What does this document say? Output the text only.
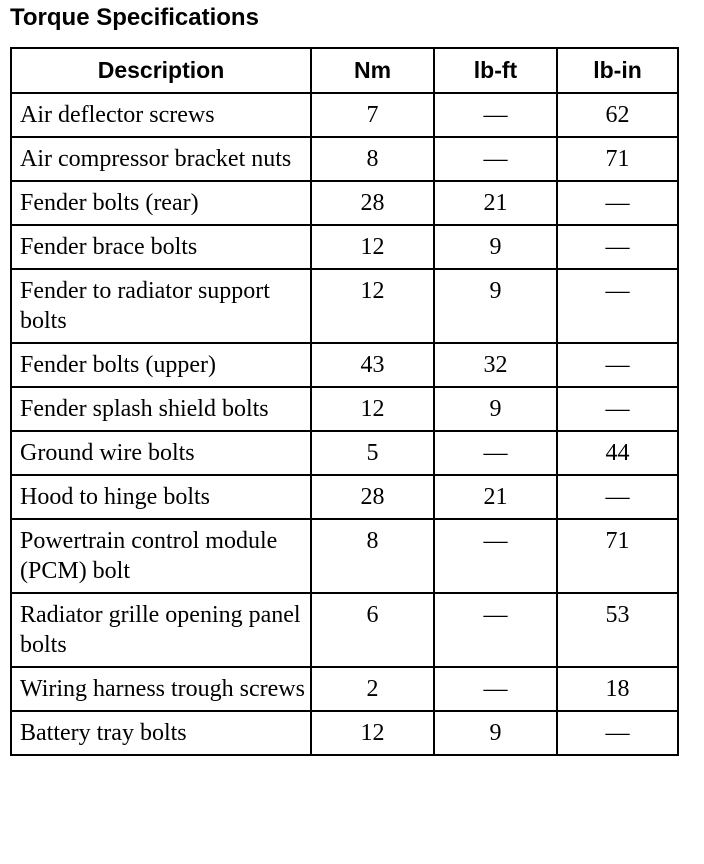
Torque Specifications
Description	Nm	lb-ft	lb-in
Air deflector screws	7	—	62
Air compressor bracket nuts	8	—	71
Fender bolts (rear)	28	21	—
Fender brace bolts	12	9	—
Fender to radiator support bolts	12	9	—
Fender bolts (upper)	43	32	—
Fender splash shield bolts	12	9	—
Ground wire bolts	5	—	44
Hood to hinge bolts	28	21	—
Powertrain control module (PCM) bolt	8	—	71
Radiator grille opening panel bolts	6	—	53
Wiring harness trough screws	2	—	18
Battery tray bolts	12	9	—
